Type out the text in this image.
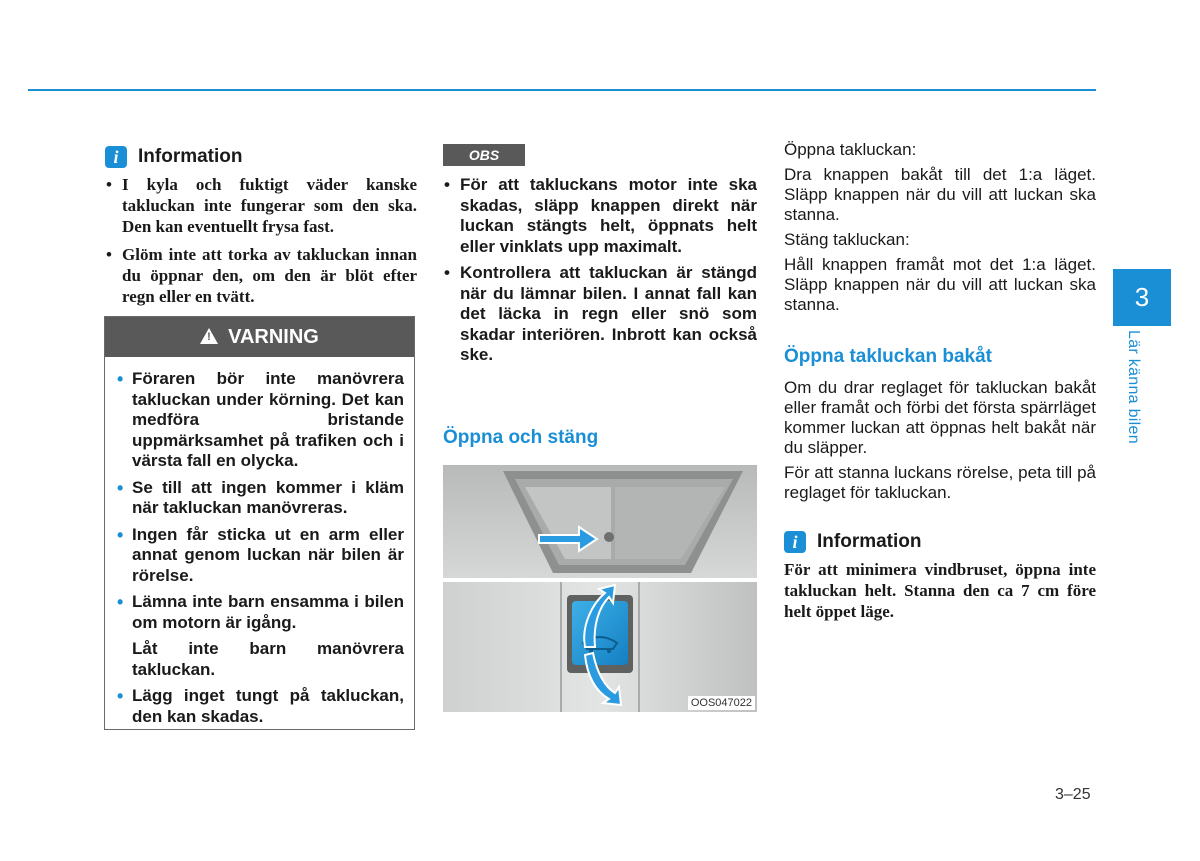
i	Information
• I kyla och fuktigt väder kanske takluckan inte fungerar som den ska. Den kan eventuellt frysa fast.
• Glöm inte att torka av takluckan innan du öppnar den, om den är blöt efter regn eller en tvätt.
! VARNING
• Föraren bör inte manövrera takluckan under körning. Det kan medföra bristande uppmärksamhet på trafiken och i värsta fall en olycka.
• Se till att ingen kommer i kläm när takluckan manövreras.
• Ingen får sticka ut en arm eller annat genom luckan när bilen är rörelse.
• Lämna inte barn ensamma i bilen om motorn är igång.
Låt inte barn manövrera takluckan.
• Lägg inget tungt på takluckan, den kan skadas.
OBS
• För att takluckans motor inte ska skadas, släpp knappen direkt när luckan stängts helt, öppnats helt eller vinklats upp maximalt.
• Kontrollera att takluckan är stängd när du lämnar bilen. I annat fall kan det läcka in regn eller snö som skadar interiören. Inbrott kan också ske.
Öppna och stäng
OOS047022

Öppna takluckan:

Dra knappen bakåt till det 1:a läget. Släpp knappen när du vill att luckan ska stanna.

Stäng takluckan:

Håll knappen framåt mot det 1:a läget. Släpp knappen när du vill att luckan ska stanna.

Öppna takluckan bakåt

Om du drar reglaget för takluckan bakåt eller framåt och förbi det första spärrläget kommer luckan att öppnas helt bakåt när du släpper.

För att stanna luckans rörelse, peta till på reglaget för takluckan.

i	Information

För att minimera vindbruset, öppna inte takluckan helt. Stanna den ca 7 cm före helt öppet läge.

3
Lär känna bilen
3–25
